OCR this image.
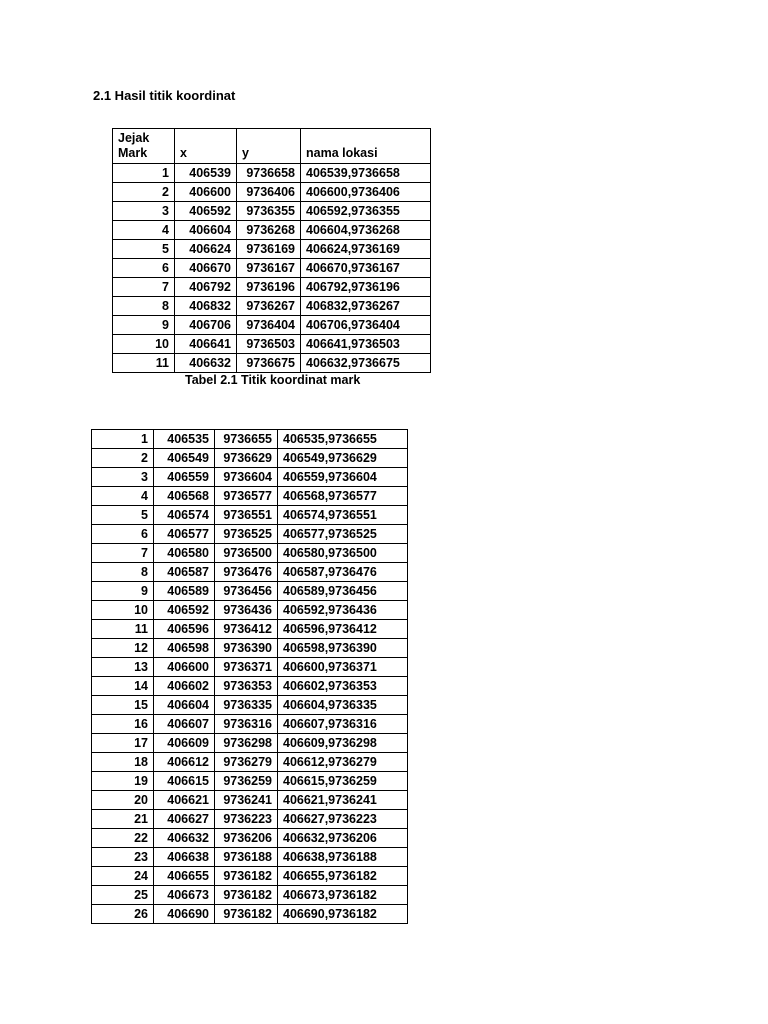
2.1 Hasil titik koordinat
Jejak
Mark	x	y	nama lokasi
1	406539	9736658	406539,9736658
2	406600	9736406	406600,9736406
3	406592	9736355	406592,9736355
4	406604	9736268	406604,9736268
5	406624	9736169	406624,9736169
6	406670	9736167	406670,9736167
7	406792	9736196	406792,9736196
8	406832	9736267	406832,9736267
9	406706	9736404	406706,9736404
10	406641	9736503	406641,9736503
11	406632	9736675	406632,9736675
Tabel 2.1 Titik koordinat mark
1	406535	9736655	406535,9736655
2	406549	9736629	406549,9736629
3	406559	9736604	406559,9736604
4	406568	9736577	406568,9736577
5	406574	9736551	406574,9736551
6	406577	9736525	406577,9736525
7	406580	9736500	406580,9736500
8	406587	9736476	406587,9736476
9	406589	9736456	406589,9736456
10	406592	9736436	406592,9736436
11	406596	9736412	406596,9736412
12	406598	9736390	406598,9736390
13	406600	9736371	406600,9736371
14	406602	9736353	406602,9736353
15	406604	9736335	406604,9736335
16	406607	9736316	406607,9736316
17	406609	9736298	406609,9736298
18	406612	9736279	406612,9736279
19	406615	9736259	406615,9736259
20	406621	9736241	406621,9736241
21	406627	9736223	406627,9736223
22	406632	9736206	406632,9736206
23	406638	9736188	406638,9736188
24	406655	9736182	406655,9736182
25	406673	9736182	406673,9736182
26	406690	9736182	406690,9736182
